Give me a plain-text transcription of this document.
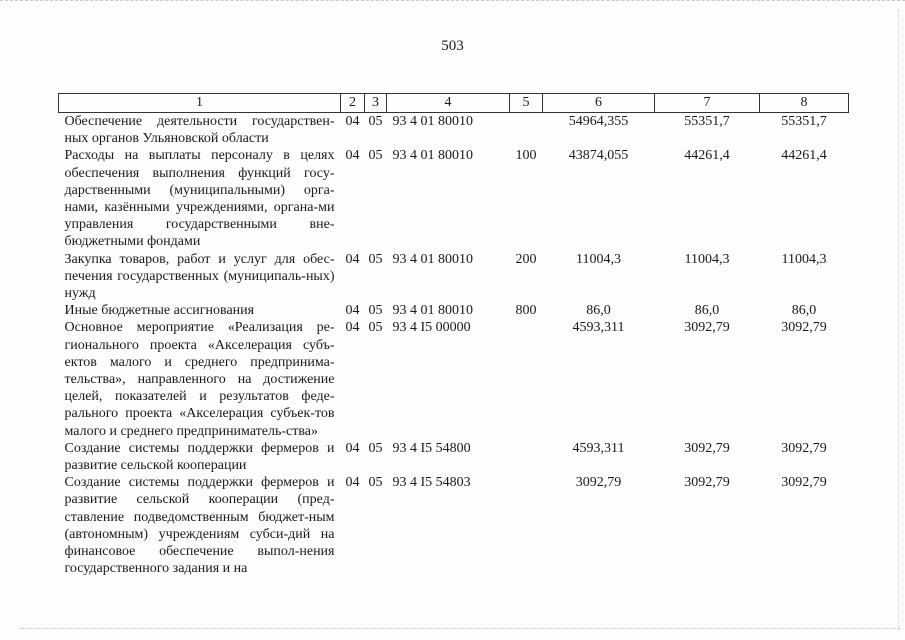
503
1	2	3	4	5	6	7	8
Обеспечение деятельности государствен-ных органов Ульяновской области	04	05	93 4 01 80010		54964,355	55351,7	55351,7
Расходы на выплаты персоналу в целях обеспечения выполнения функций госу-дарственными (муниципальными) орга-нами, казёнными учреждениями, органа-ми управления государственными вне-бюджетными фондами	04	05	93 4 01 80010	100	43874,055	44261,4	44261,4
Закупка товаров, работ и услуг для обес-печения государственных (муниципаль-ных) нужд	04	05	93 4 01 80010	200	11004,3	11004,3	11004,3
Иные бюджетные ассигнования	04	05	93 4 01 80010	800	86,0	86,0	86,0
Основное мероприятие «Реализация ре-гионального проекта «Акселерация субъ-ектов малого и среднего предпринима-тельства», направленного на достижение целей, показателей и результатов феде-рального проекта «Акселерация субъек-тов малого и среднего предприниматель-ства»	04	05	93 4 I5 00000		4593,311	3092,79	3092,79
Создание системы поддержки фермеров и развитие сельской кооперации	04	05	93 4 I5 54800		4593,311	3092,79	3092,79
Создание системы поддержки фермеров и развитие сельской кооперации (пред-ставление подведомственным бюджет-ным (автономным) учреждениям субси-дий на финансовое обеспечение выпол-нения государственного задания и на	04	05	93 4 I5 54803		3092,79	3092,79	3092,79
